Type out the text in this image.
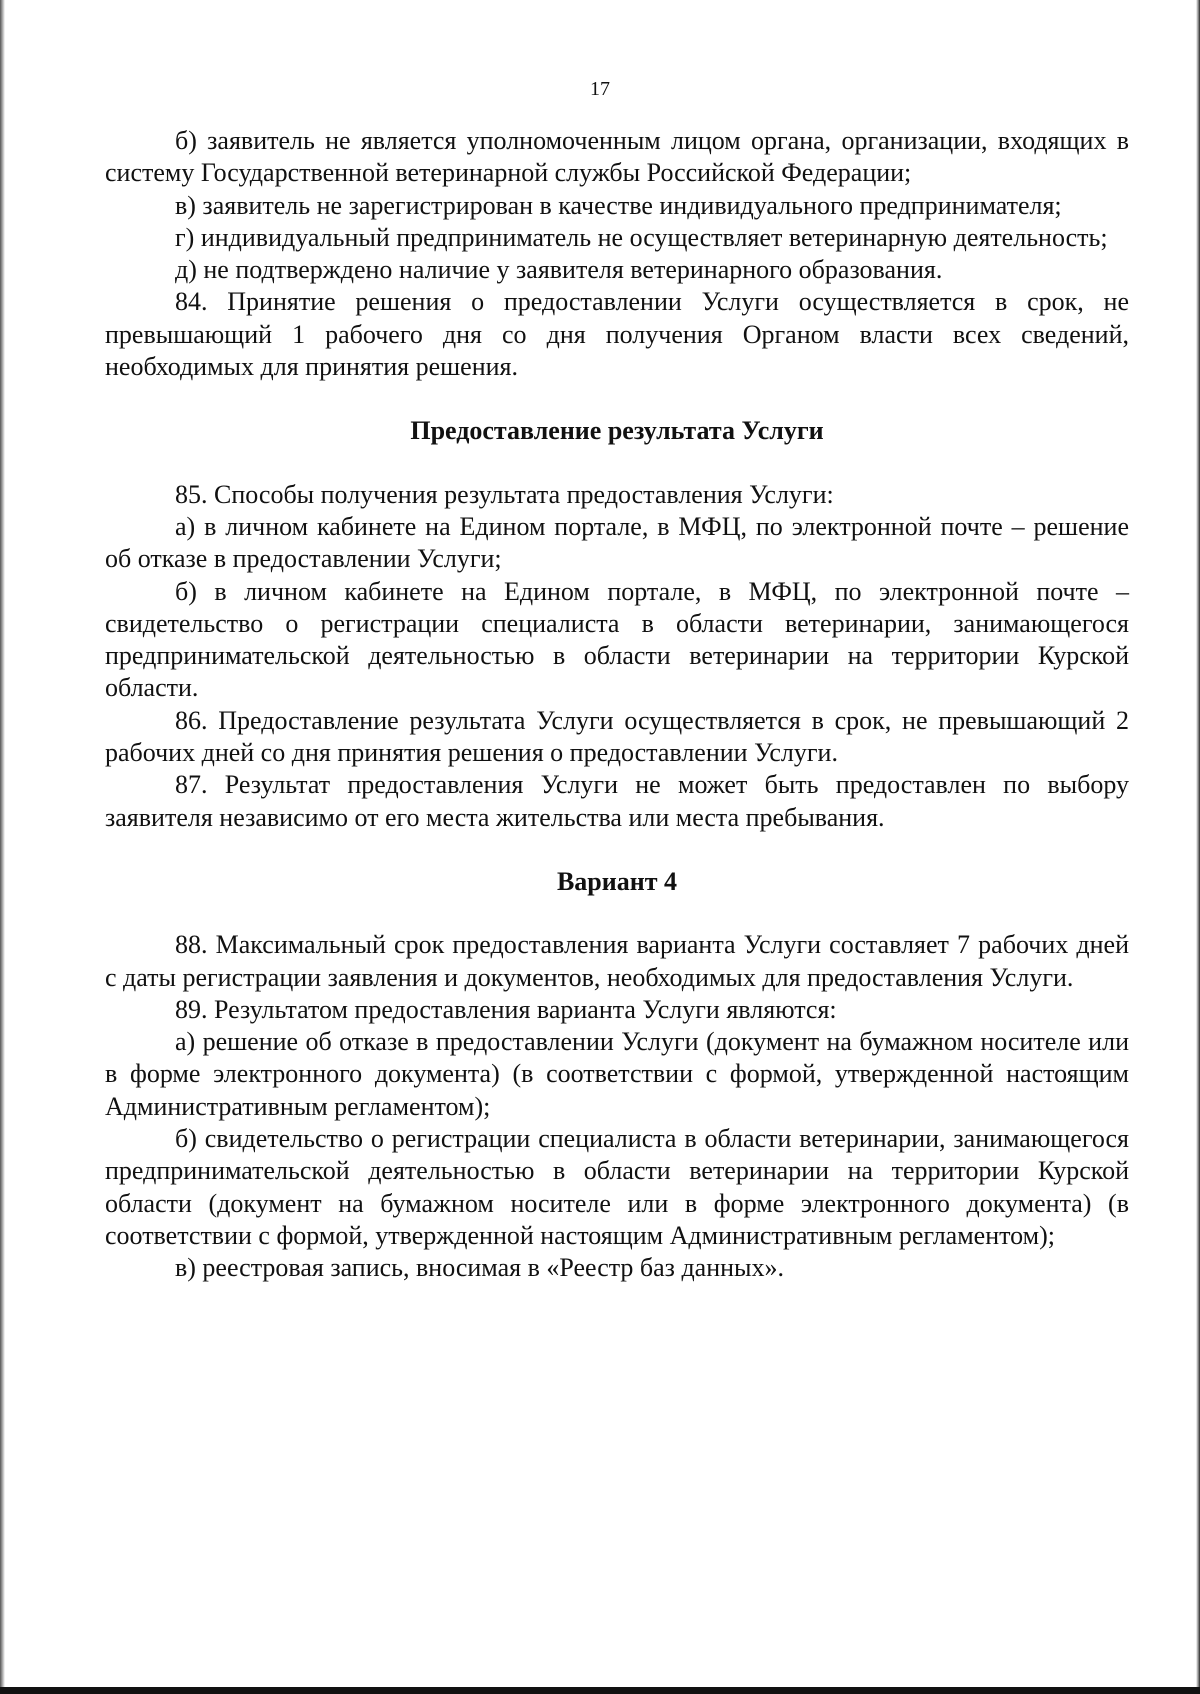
17

б) заявитель не является уполномоченным лицом органа, организации, входящих в систему Государственной ветеринарной службы Российской Федерации;

в) заявитель не зарегистрирован в качестве индивидуального предпринимателя;

г) индивидуальный предприниматель не осуществляет ветеринарную деятельность;

д) не подтверждено наличие у заявителя ветеринарного образования.

84. Принятие решения о предоставлении Услуги осуществляется в срок, не превышающий 1 рабочего дня со дня получения Органом власти всех сведений, необходимых для принятия решения.

Предоставление результата Услуги

85. Способы получения результата предоставления Услуги:

а) в личном кабинете на Едином портале, в МФЦ, по электронной почте – решение об отказе в предоставлении Услуги;

б) в личном кабинете на Едином портале, в МФЦ, по электронной почте – свидетельство о регистрации специалиста в области ветеринарии, занимающегося предпринимательской деятельностью в области ветеринарии на территории Курской области.

86. Предоставление результата Услуги осуществляется в срок, не превышающий 2 рабочих дней со дня принятия решения о предоставлении Услуги.

87. Результат предоставления Услуги не может быть предоставлен по выбору заявителя независимо от его места жительства или места пребывания.

Вариант 4

88. Максимальный срок предоставления варианта Услуги составляет 7 рабочих дней с даты регистрации заявления и документов, необходимых для предоставления Услуги.

89. Результатом предоставления варианта Услуги являются:

а) решение об отказе в предоставлении Услуги (документ на бумажном носителе или в форме электронного документа) (в соответствии с формой, утвержденной настоящим Административным регламентом);

б) свидетельство о регистрации специалиста в области ветеринарии, занимающегося предпринимательской деятельностью в области ветеринарии на территории Курской области (документ на бумажном носителе или в форме электронного документа) (в соответствии с формой, утвержденной настоящим Административным регламентом);

в) реестровая запись, вносимая в «Реестр баз данных».
